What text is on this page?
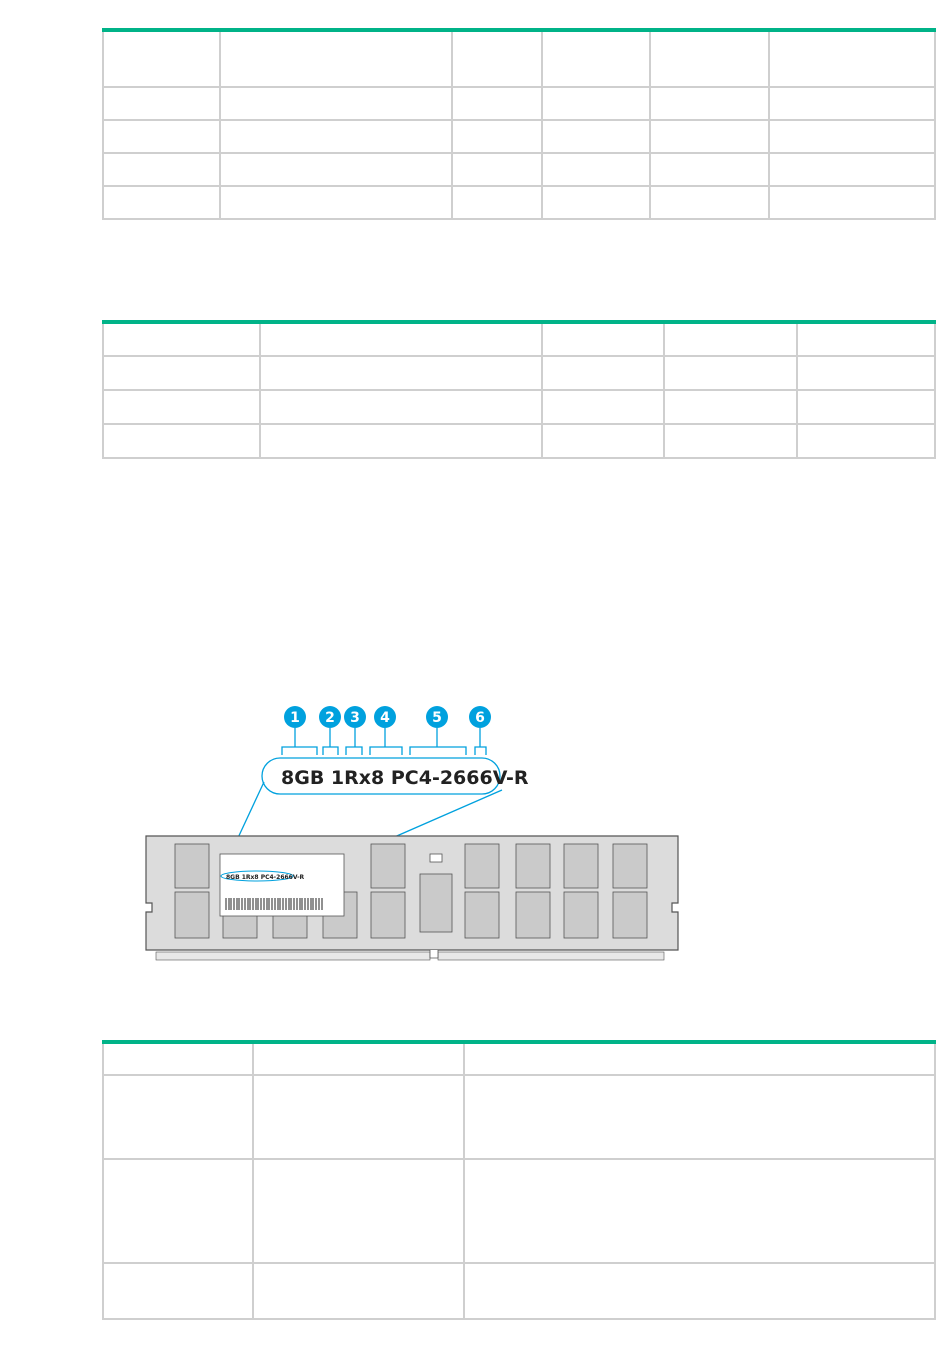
1 2 3 4	5 6
8GB 1Rx8 PC4-2666V-R
8GB 1Rx8 PC4-2666V-R
